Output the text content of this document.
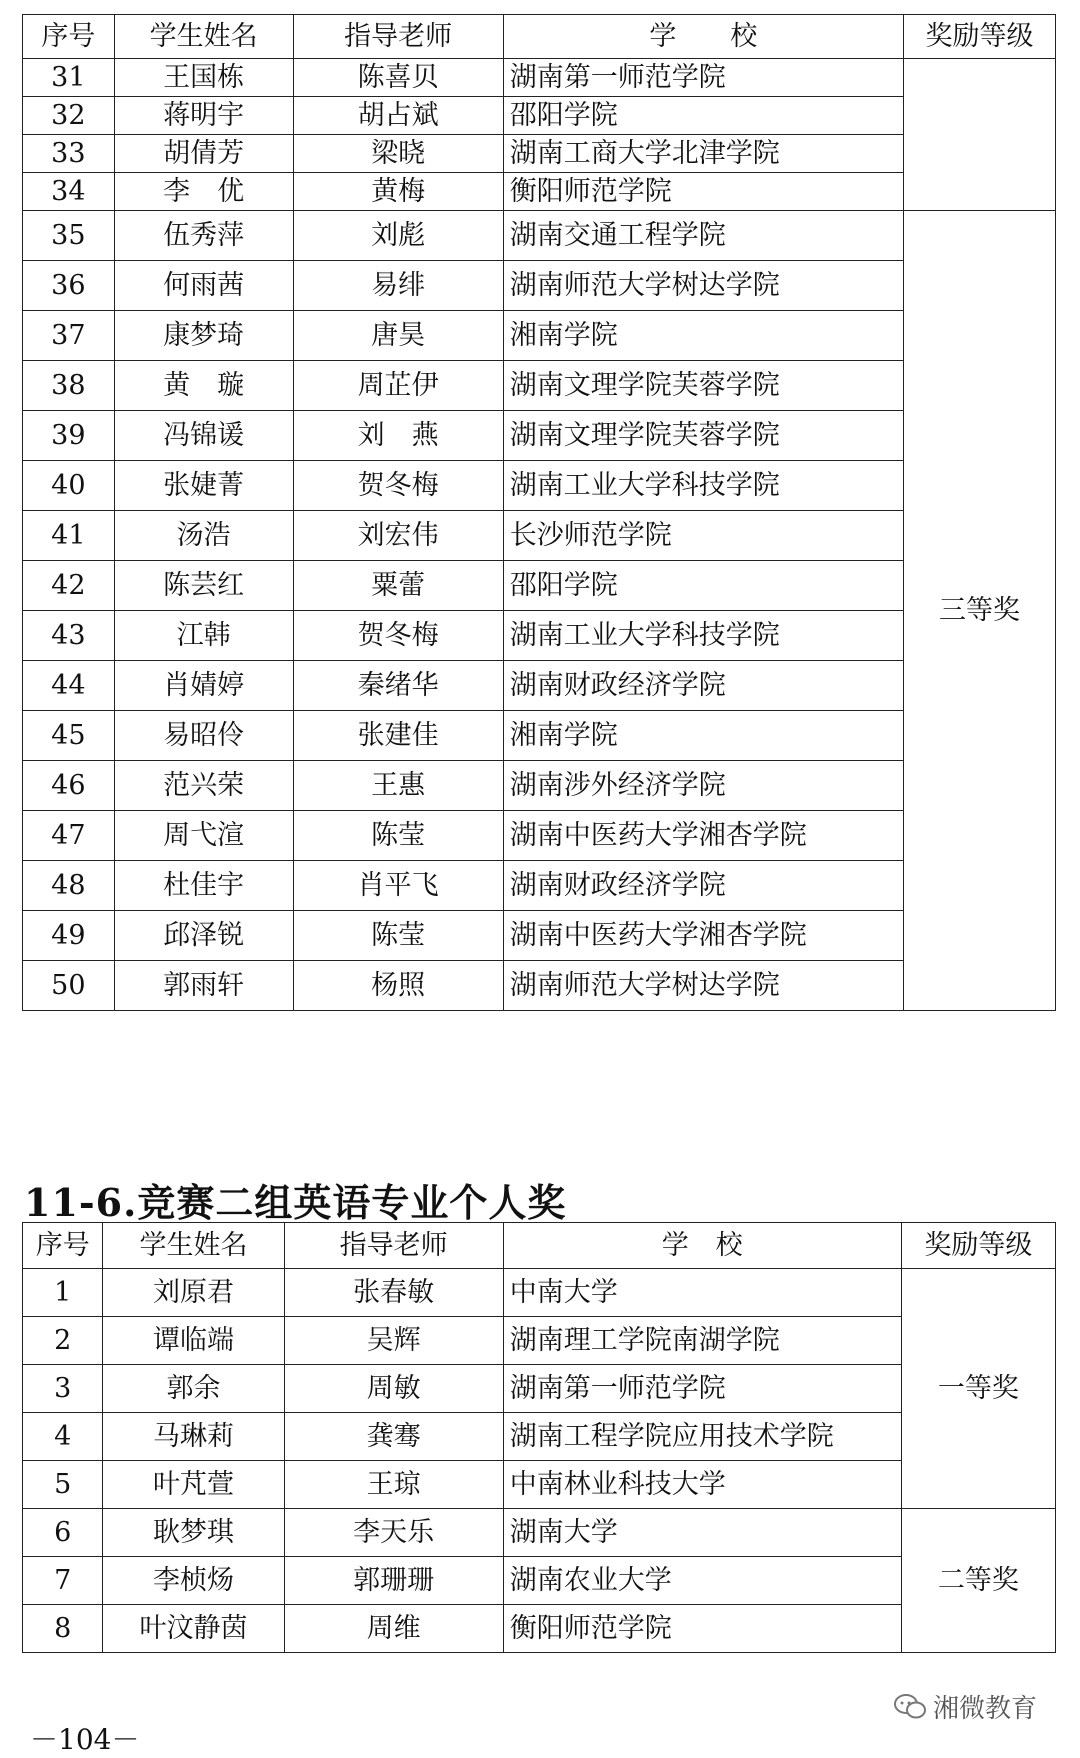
序号	学生姓名	指导老师	学　　校	奖励等级
31	王国栋	陈喜贝	湖南第一师范学院	
32	蒋明宇	胡占斌	邵阳学院	
33	胡倩芳	梁晓	湖南工商大学北津学院	
34	李　优	黄梅	衡阳师范学院	
35	伍秀萍	刘彪	湖南交通工程学院	三等奖
36	何雨茜	易绯	湖南师范大学树达学院	
37	康梦琦	唐昊	湘南学院	
38	黄　璇	周芷伊	湖南文理学院芙蓉学院	
39	冯锦谖	刘　燕	湖南文理学院芙蓉学院	
40	张婕菁	贺冬梅	湖南工业大学科技学院	
41	汤浩	刘宏伟	长沙师范学院	
42	陈芸红	粟蕾	邵阳学院	
43	江韩	贺冬梅	湖南工业大学科技学院	
44	肖婧婷	秦绪华	湖南财政经济学院	
45	易昭伶	张建佳	湘南学院	
46	范兴荣	王惠	湖南涉外经济学院	
47	周弋渲	陈莹	湖南中医药大学湘杏学院	
48	杜佳宇	肖平飞	湖南财政经济学院	
49	邱泽锐	陈莹	湖南中医药大学湘杏学院	
50	郭雨轩	杨照	湖南师范大学树达学院	
11-6.竞赛二组英语专业个人奖
序号	学生姓名	指导老师	学　校	奖励等级
1	刘原君	张春敏	中南大学	一等奖
2	谭临端	吴辉	湖南理工学院南湖学院	
3	郭余	周敏	湖南第一师范学院	
4	马琳莉	龚骞	湖南工程学院应用技术学院	
5	叶芃萱	王琼	中南林业科技大学	
6	耿梦琪	李天乐	湖南大学	二等奖
7	李桢炀	郭珊珊	湖南农业大学	
8	叶汶静茵	周维	衡阳师范学院	
－104－
湘微教育
